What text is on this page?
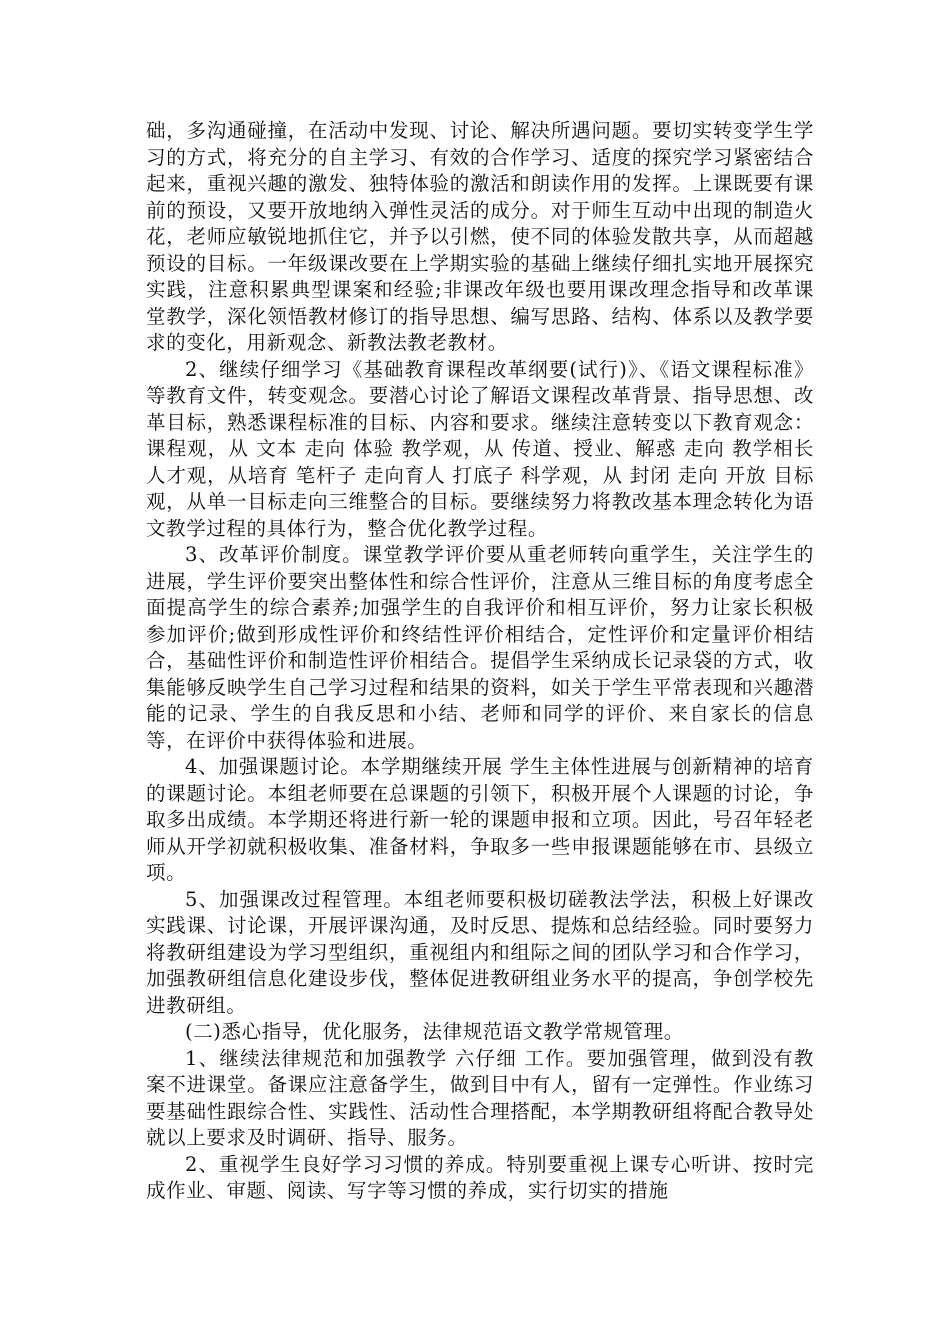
础，多沟通碰撞，在活动中发现、讨论、解决所遇问题。要切实转变学生学习的方式，将充分的自主学习、有效的合作学习、适度的探究学习紧密结合起来，重视兴趣的激发、独特体验的激活和朗读作用的发挥。上课既要有课前的预设，又要开放地纳入弹性灵活的成分。对于师生互动中出现的制造火花，老师应敏锐地抓住它，并予以引燃，使不同的体验发散共享，从而超越预设的目标。一年级课改要在上学期实验的基础上继续仔细扎实地开展探究实践，注意积累典型课案和经验;非课改年级也要用课改理念指导和改革课堂教学，深化领悟教材修订的指导思想、编写思路、结构、体系以及教学要求的变化，用新观念、新教法教老教材。

2、继续仔细学习《基础教育课程改革纲要(试行)》、《语文课程标准》等教育文件，转变观念。要潜心讨论了解语文课程改革背景、指导思想、改革目标，熟悉课程标准的目标、内容和要求。继续注意转变以下教育观念：课程观，从 文本 走向 体验 教学观，从 传道、授业、解惑 走向 教学相长 人才观，从培育 笔杆子 走向育人 打底子 科学观，从 封闭 走向 开放 目标观，从单一目标走向三维整合的目标。要继续努力将教改基本理念转化为语文教学过程的具体行为，整合优化教学过程。

3、改革评价制度。课堂教学评价要从重老师转向重学生，关注学生的进展，学生评价要突出整体性和综合性评价，注意从三维目标的角度考虑全面提高学生的综合素养;加强学生的自我评价和相互评价，努力让家长积极参加评价;做到形成性评价和终结性评价相结合，定性评价和定量评价相结合，基础性评价和制造性评价相结合。提倡学生采纳成长记录袋的方式，收集能够反映学生自己学习过程和结果的资料，如关于学生平常表现和兴趣潜能的记录、学生的自我反思和小结、老师和同学的评价、来自家长的信息等，在评价中获得体验和进展。

4、加强课题讨论。本学期继续开展 学生主体性进展与创新精神的培育 的课题讨论。本组老师要在总课题的引领下，积极开展个人课题的讨论，争取多出成绩。本学期还将进行新一轮的课题申报和立项。因此，号召年轻老师从开学初就积极收集、准备材料，争取多一些申报课题能够在市、县级立项。

5、加强课改过程管理。本组老师要积极切磋教法学法，积极上好课改实践课、讨论课，开展评课沟通，及时反思、提炼和总结经验。同时要努力将教研组建设为学习型组织，重视组内和组际之间的团队学习和合作学习，加强教研组信息化建设步伐，整体促进教研组业务水平的提高，争创学校先进教研组。

(二)悉心指导，优化服务，法律规范语文教学常规管理。

1、继续法律规范和加强教学 六仔细 工作。要加强管理，做到没有教案不进课堂。备课应注意备学生，做到目中有人，留有一定弹性。作业练习要基础性跟综合性、实践性、活动性合理搭配，本学期教研组将配合教导处就以上要求及时调研、指导、服务。

2、重视学生良好学习习惯的养成。特别要重视上课专心听讲、按时完成作业、审题、阅读、写字等习惯的养成，实行切实的措施
